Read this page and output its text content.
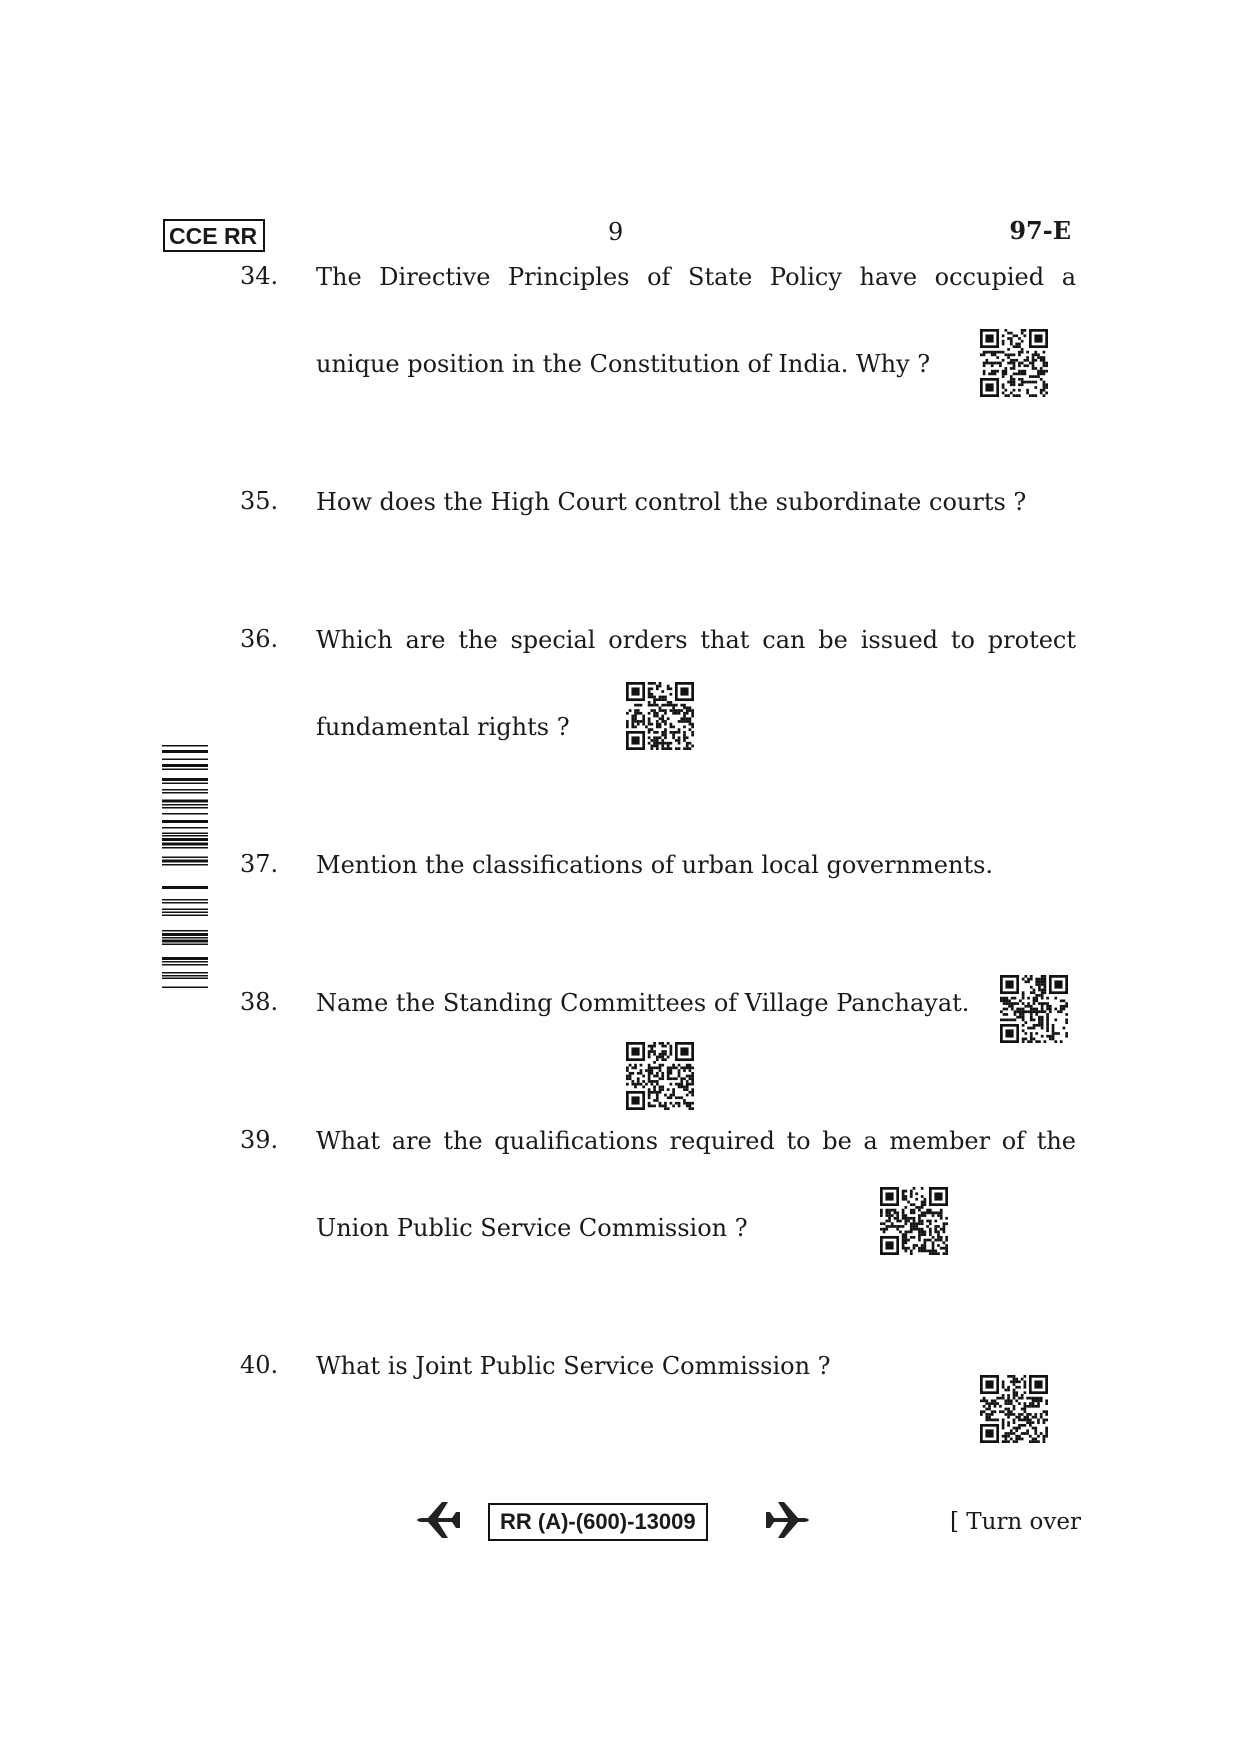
CCE RR	9	97-E
34. The Directive Principles of State Policy have occupied a
unique position in the Constitution of India. Why ?
35. How does the High Court control the subordinate courts ?
36. Which are the special orders that can be issued to protect
fundamental rights ?
37. Mention the classifications of urban local governments.
38. Name the Standing Committees of Village Panchayat.
39. What are the qualifications required to be a member of the
Union Public Service Commission ?
40. What is Joint Public Service Commission ?
RR (A)-(600)-13009	[ Turn over
